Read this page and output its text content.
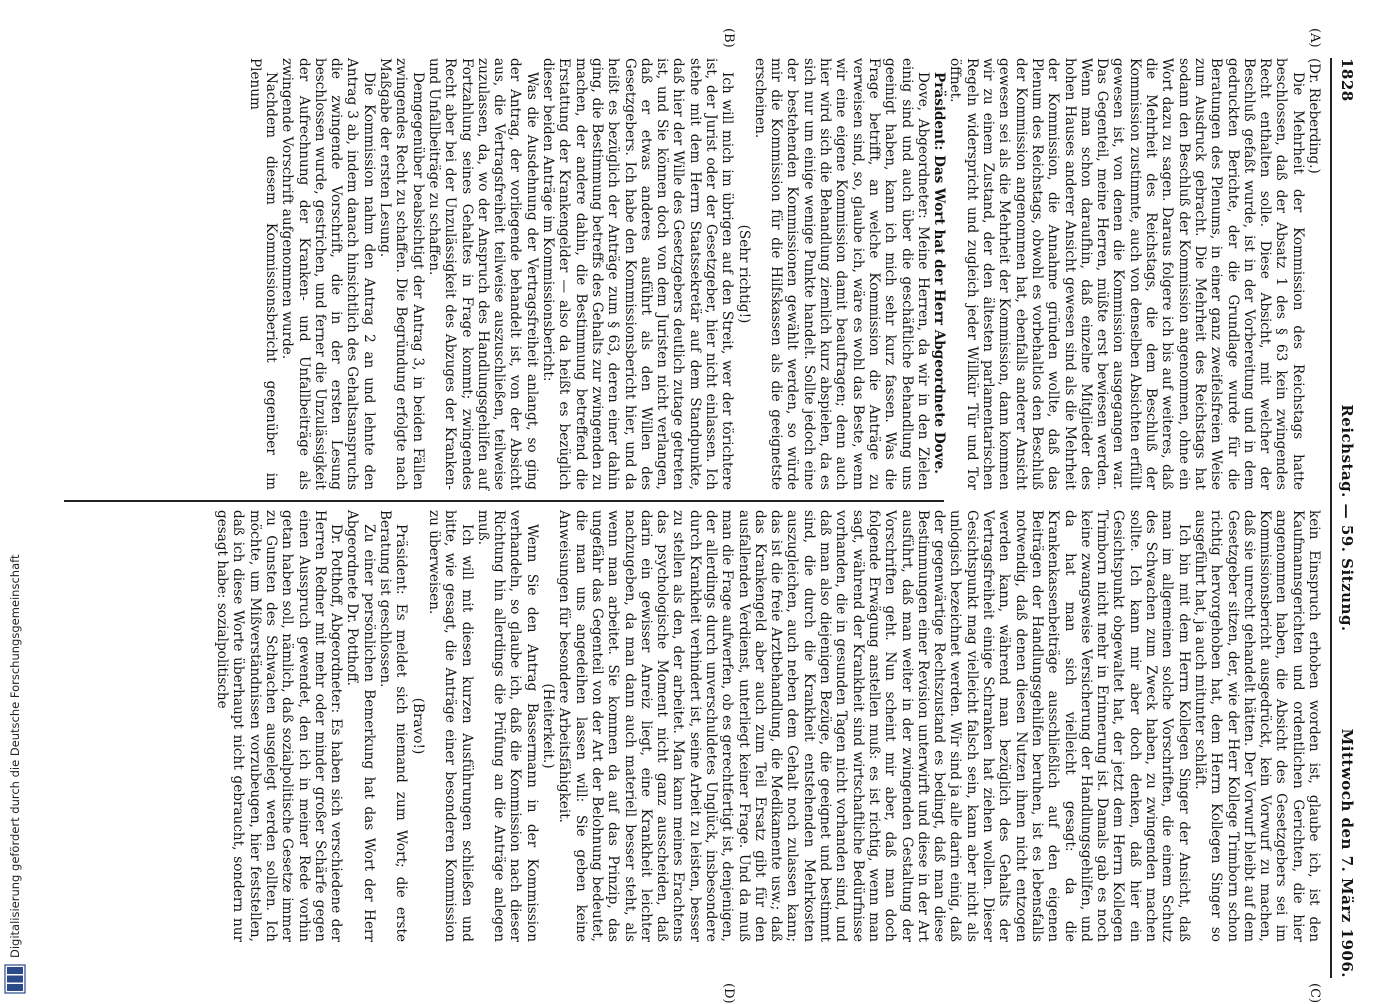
Digitalisierung gefördert durch die Deutsche Forschungsgemeinschaft
Reichstag. — 59. Sitzung.
1828
Mittwoch den 7. März 1906.

(Dr. Rieberding.)

Die Mehrheit der Kommission des Reichstags hatte beschlossen, daß der Absatz 1 des § 63 kein zwingendes Recht enthalten solle. Diese Absicht, mit welcher der Beschluß gefaßt wurde, ist in der Vorbereitung und in dem gedruckten Berichte, der die Grundlage wurde für die Beratungen des Plenums, in einer ganz zweifelsfreien Weise zum Ausdruck gebracht. Die Mehrheit des Reichstags hat sodann den Beschluß der Kommission angenommen, ohne ein Wort dazu zu sagen. Daraus folgere ich bis auf weiteres, daß die Mehrheit des Reichstags, die dem Beschluß der Kommission zustimmte, auch von denselben Absichten erfüllt gewesen ist, von denen die Kommission ausgegangen war. Das Gegenteil, meine Herren, müßte erst bewiesen werden. Wenn man schon daraufhin, daß einzelne Mitglieder des hohen Hauses anderer Ansicht gewesen sind als die Mehrheit der Kommission, die Annahme gründen wollte, daß das Plenum des Reichstags, obwohl es vorbehaltlos den Beschluß der Kommission angenommen hat, ebenfalls anderer Ansicht gewesen sei als die Mehrheit der Kommission, dann kommen wir zu einem Zustand, der den ältesten parlamentarischen Regeln widerspricht und zugleich jeder Willkür Tür und Tor öffnet.

Präsident: Das Wort hat der Herr Abgeordnete Dove.

Dove, Abgeordneter: Meine Herren, da wir in den Zielen einig sind und auch über die geschäftliche Behandlung uns geeinigt haben, kann ich mich sehr kurz fassen. Was die Frage betrifft, an welche Kommission die Anträge zu verweisen sind, so, glaube ich, wäre es wohl das Beste, wenn wir eine eigene Kommission damit beauftragen; denn auch hier wird sich die Behandlung ziemlich kurz abspielen, da es sich nur um einige wenige Punkte handelt. Sollte jedoch eine der bestehenden Kommissionen gewählt werden, so würde mir die Kommission für die Hilfskassen als die geeignetste erscheinen.

(Sehr richtig!)

Ich will mich im übrigen auf den Streit, wer der törichtere ist, der Jurist oder der Gesetzgeber, hier nicht einlassen. Ich stehe mit dem Herrn Staatssekretär auf dem Standpunkte, daß hier der Wille des Gesetzgebers deutlich zutage getreten ist, und Sie können doch von dem Juristen nicht verlangen, daß er etwas anderes ausführt als den Willen des Gesetzgebers. Ich habe den Kommissionsbericht hier, und da heißt es bezüglich der Anträge zum § 63, deren einer dahin ging, die Bestimmung betreffs des Gehalts zur zwingenden zu machen, der andere dahin, die Bestimmung betreffend die Erstattung der Krankengelder — also da heißt es bezüglich dieser beiden Anträge im Kommissionsbericht:

Was die Ausdehnung der Vertragsfreiheit anlangt, so ging der Antrag, der vorliegende behandelt ist, von der Absicht aus, die Vertragsfreiheit teilweise auszuschließen, teilweise zuzulassen, da, wo der Anspruch des Handlungsgehilfen auf Fortzahlung seines Gehaltes in Frage kommt; zwingendes Recht aber bei der Unzulässigkeit des Abzuges der Kranken- und Unfallbeiträge zu schaffen.

Demgegenüber beabsichtigt der Antrag 3, in beiden Fällen zwingendes Recht zu schaffen. Die Begründung erfolgte nach Maßgabe der ersten Lesung.

Die Kommission nahm den Antrag 2 an und lehnte den Antrag 3 ab, indem danach hinsichtlich des Gehaltsanspruchs die zwingende Vorschrift, die in der ersten Lesung beschlossen wurde, gestrichen, und ferner die Unzulässigkeit der Aufrechnung der Kranken- und Unfallbeiträge als zwingende Vorschrift aufgenommen wurde.

Nachdem diesem Kommissionsbericht gegenüber im Plenum

kein Einspruch erhoben worden ist, glaube ich, ist den Kaufmannsgerichten und ordentlichen Gerichten, die hier angenommen haben, die Absicht des Gesetzgebers sei im Kommissionsbericht ausgedrückt, kein Vorwurf zu machen, daß sie unrecht gehandelt hätten. Der Vorwurf bleibt auf dem Gesetzgeber sitzen, der, wie der Herr Kollege Trimborn schon richtig hervorgehoben hat, dem Herrn Kollegen Singer so ausgeführt hat, ja auch mitunter schläft.

Ich bin mit dem Herrn Kollegen Singer der Ansicht, daß man im allgemeinen solche Vorschriften, die einem Schutz des Schwachen zum Zweck haben, zu zwingenden machen sollte. Ich kann mir aber doch denken, daß hier ein Gesichtspunkt obgewaltet hat, der jetzt dem Herrn Kollegen Trimborn nicht mehr in Erinnerung ist. Damals gab es noch keine zwangsweise Versicherung der Handlungsgehilfen, und da hat man sich vielleicht gesagt: da die Krankenkassenbeiträge ausschließlich auf den eigenen Beiträgen der Handlungsgehilfen beruhen, ist es lebensfalls notwendig, daß denen diesen Nutzen ihnen nicht entzogen werden kann, während man bezüglich des Gehalts der Vertragsfreiheit einige Schranken hat ziehen wollen. Dieser Gesichtspunkt mag vielleicht falsch sein, kann aber nicht als unlogisch bezeichnet werden. Wir sind ja alle darin einig, daß der gegenwärtige Rechtszustand es bedingt, daß man diese Bestimmungen einer Revision unterwirft und diese in der Art ausführt, daß man weiter in der zwingenden Gestaltung der Vorschriften geht. Nun scheint mir aber, daß man doch folgende Erwägung anstellen muß: es ist richtig, wenn man sagt, während der Krankheit sind wirtschaftliche Bedürfnisse vorhanden, die in gesunden Tagen nicht vorhanden sind, und daß man also diejenigen Bezüge, die geeignet und bestimmt sind, die durch die Krankheit entstehenden Mehrkosten auszugleichen, auch neben dem Gehalt noch zulassen kann; das ist die freie Arztbehandlung, die Medikamente usw.; daß das Krankengeld aber auch zum Teil Ersatz gibt für den ausfallenden Verdienst, unterliegt keiner Frage. Und da muß man die Frage aufwerfen, ob es gerechtfertigt ist, denjenigen, der allerdings durch unverschuldetes Unglück, insbesondere durch Krankheit verhindert ist, seine Arbeit zu leisten, besser zu stellen als den, der arbeitet. Man kann meines Erachtens das psychologische Moment nicht ganz ausscheiden, daß darin ein gewisser Anreiz liegt, eine Krankheit leichter nachzugeben, da man dann auch materiell besser steht, als wenn man arbeitet. Sie kommen da auf das Prinzip, das ungefähr das Gegenteil von der Art der Belohnung bedeutet, die man uns angedeihen lassen will: Sie geben keine Anweisungen für besondere Arbeitsfähigkeit.

(Heiterkeit.)

Wenn Sie den Antrag Bassermann in der Kommission verhandeln, so glaube ich, daß die Kommission nach dieser Richtung hin allerdings die Prüfung an die Anträge anlegen muß.

Ich will mit diesen kurzen Ausführungen schließen und bitte, wie gesagt, die Anträge einer besonderen Kommission zu überweisen.

(Bravo!)

Präsident: Es meldet sich niemand zum Wort; die erste Beratung ist geschlossen.

Zu einer persönlichen Bemerkung hat das Wort der Herr Abgeordnete Dr. Potthoff.

Dr. Potthoff, Abgeordneter: Es haben sich verschiedene der Herren Redner mit mehr oder minder großer Schärfe gegen einen Ausspruch gewendet, den ich in meiner Rede vorhin getan haben soll, nämlich, daß sozialpolitische Gesetze immer zu Gunsten des Schwachen ausgelegt werden sollten. Ich möchte, um Mißverständnissen vorzubeugen, hier feststellen, daß ich diese Worte überhaupt nicht gebraucht, sondern nur gesagt habe: sozialpolitische

(A)
(B)
(C)
(D)
